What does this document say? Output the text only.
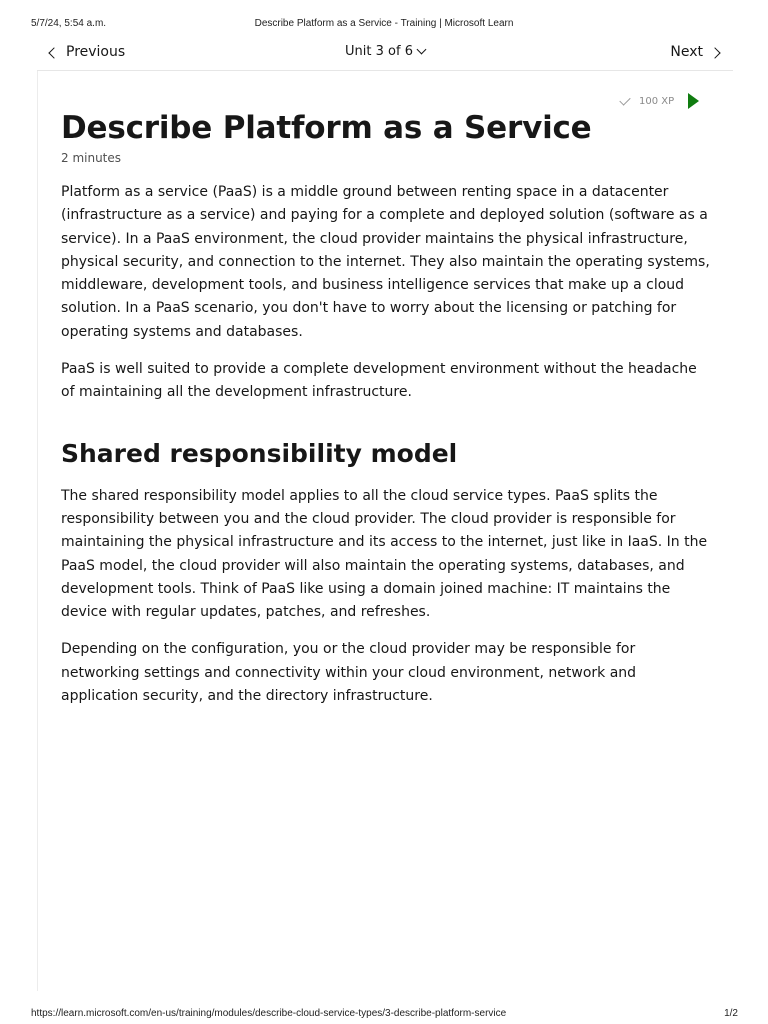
5/7/24, 5:54 a.m.	Describe Platform as a Service - Training | Microsoft Learn
Previous	Unit 3 of 6	Next
100 XP
Describe Platform as a Service
2 minutes

Platform as a service (PaaS) is a middle ground between renting space in a datacenter (infrastructure as a service) and paying for a complete and deployed solution (software as a service). In a PaaS environment, the cloud provider maintains the physical infrastructure, physical security, and connection to the internet. They also maintain the operating systems, middleware, development tools, and business intelligence services that make up a cloud solution. In a PaaS scenario, you don't have to worry about the licensing or patching for operating systems and databases.

PaaS is well suited to provide a complete development environment without the headache of maintaining all the development infrastructure.

Shared responsibility model

The shared responsibility model applies to all the cloud service types. PaaS splits the responsibility between you and the cloud provider. The cloud provider is responsible for maintaining the physical infrastructure and its access to the internet, just like in IaaS. In the PaaS model, the cloud provider will also maintain the operating systems, databases, and development tools. Think of PaaS like using a domain joined machine: IT maintains the device with regular updates, patches, and refreshes.

Depending on the configuration, you or the cloud provider may be responsible for networking settings and connectivity within your cloud environment, network and application security, and the directory infrastructure.

https://learn.microsoft.com/en-us/training/modules/describe-cloud-service-types/3-describe-platform-service	1/2
